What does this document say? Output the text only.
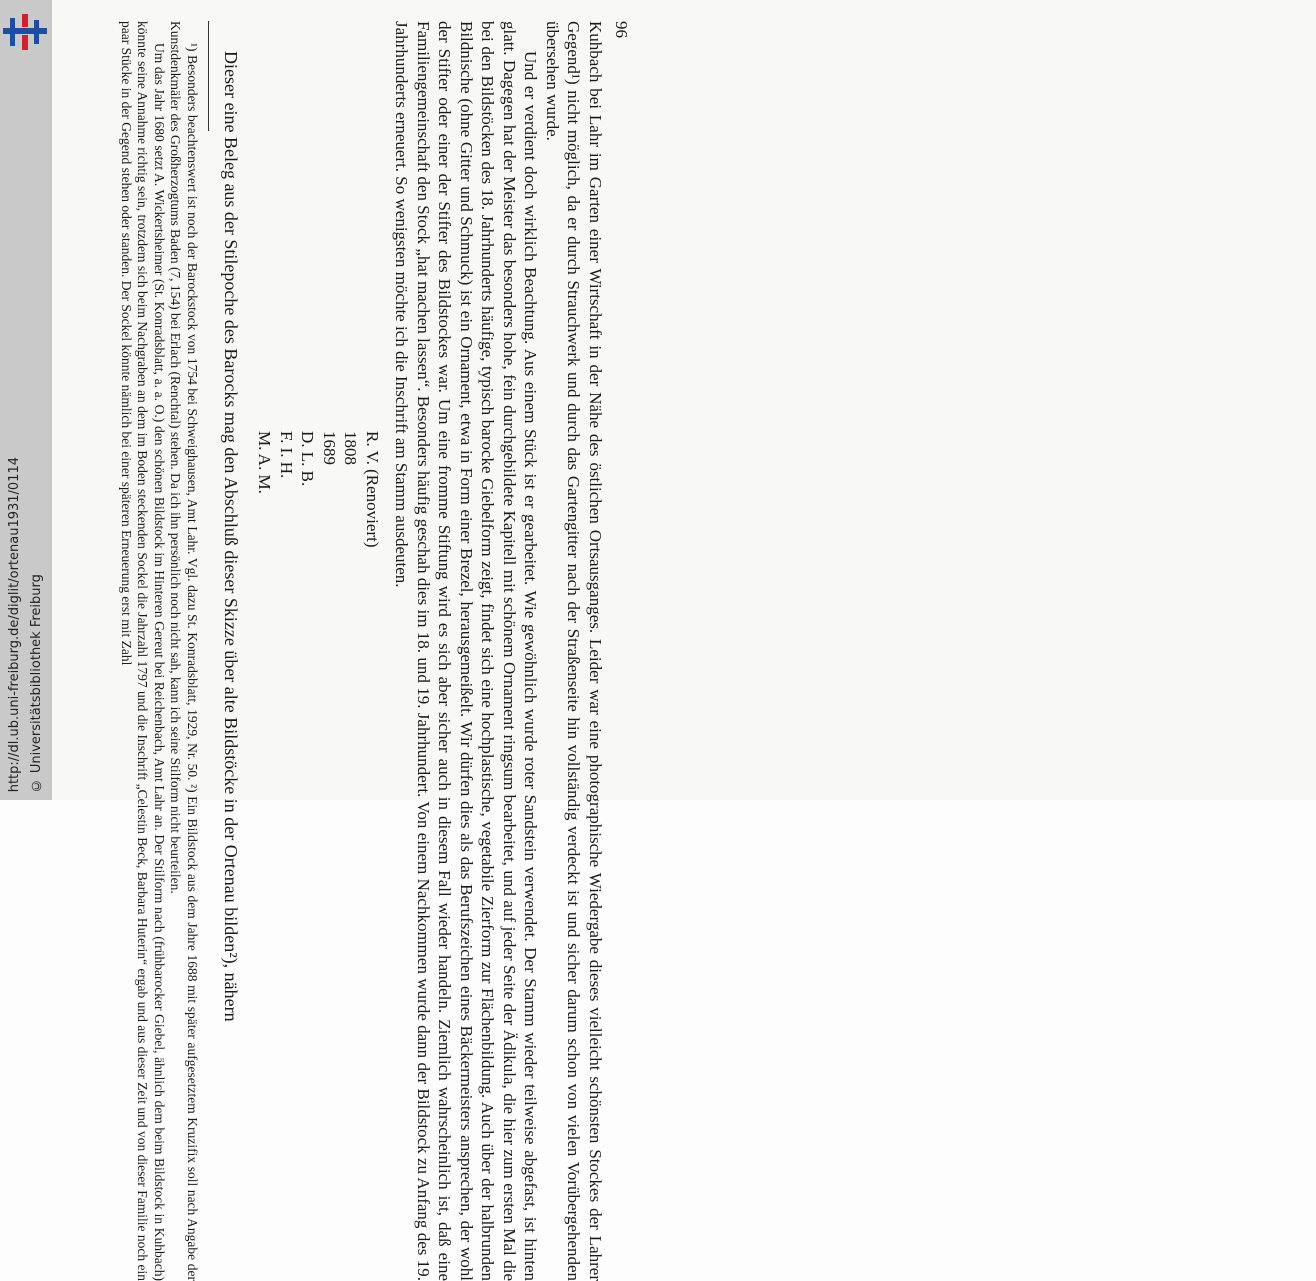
http://dl.ub.uni-freiburg.de/diglit/ortenau1931/0114 © Universitätsbibliothek Freiburg
96

Kuhbach bei Lahr im Garten einer Wirtschaft in der Nähe des östlichen Ortsausganges. Leider war eine photographische Wiedergabe dieses vielleicht schönsten Stockes der Lahrer Gegend¹) nicht möglich, da er durch Strauchwerk und durch das Gartengitter nach der Straßenseite hin vollständig verdeckt ist und sicher darum schon von vielen Vorübergehenden übersehen wurde.

Und er verdient doch wirklich Beachtung. Aus einem Stück ist er gearbeitet. Wie gewöhnlich wurde roter Sandstein verwendet. Der Stamm wieder teilweise abgefast, ist hinten glatt. Dagegen hat der Meister das besonders hohe, fein durchgebildete Kapitell mit schönem Ornament ringsum bearbeitet, und auf jeder Seite der Ädikula, die hier zum ersten Mal die bei den Bildstöcken des 18. Jahrhunderts häufige, typisch barocke Giebelform zeigt, findet sich eine hochplastische, vegetabile Zierform zur Flächenbildung. Auch über der halbrunden Bildnische (ohne Gitter und Schmuck) ist ein Ornament, etwa in Form einer Brezel, herausgemeißelt. Wir dürfen dies als das Berufszeichen eines Bäckermeisters ansprechen, der wohl der Stifter oder einer der Stifter des Bildstockes war. Um eine fromme Stiftung wird es sich aber sicher auch in diesem Fall wieder handeln. Ziemlich wahrscheinlich ist, daß eine Familiengemeinschaft den Stock „hat machen lassen“. Besonders häufig geschah dies im 18. und 19. Jahrhundert. Von einem Nachkommen wurde dann der Bildstock zu Anfang des 19. Jahrhunderts erneuert. So wenigsten möchte ich die Inschrift am Stamm ausdeuten.

R. V. (Renoviert)
1808
1689
D. L. B.
F. I. H.
M. A. M.

Dieser eine Beleg aus der Stilepoche des Barocks mag den Abschluß dieser Skizze über alte Bildstöcke in der Ortenau bilden²), nähern

¹) Besonders beachtenswert ist noch der Barockstock von 1754 bei Schweighausen, Amt Lahr. Vgl. dazu St. Konradsblatt, 1929, Nr. 50. ²) Ein Bildstock aus dem Jahre 1688 mit später aufgesetztem Kruzifix soll nach Angabe der Kunstdenkmäler des Großherzogtums Baden (7, 154) bei Erlach (Renchtal) stehen. Da ich ihn persönlich noch nicht sah, kann ich seine Stilform nicht beurteilen.

Um das Jahr 1680 setzt A. Wickertsheimer (St. Konradsblatt, a. a. O.) den schönen Bildstock im Hinteren Gereut bei Reichenbach, Amt Lahr an. Der Stilform nach (frühbarocker Giebel, ähnlich dem beim Bildstock in Kuhbach) könnte seine Annahme richtig sein, trotzdem sich beim Nachgraben an dem im Boden steckenden Sockel die Jahrzahl 1797 und die Inschrift „Celestin Beck, Barbara Huterin“ ergab und aus dieser Zeit und von dieser Familie noch ein paar Stücke in der Gegend stehen oder standen. Der Sockel könnte nämlich bei einer späteren Erneuerung erst mit Zahl
